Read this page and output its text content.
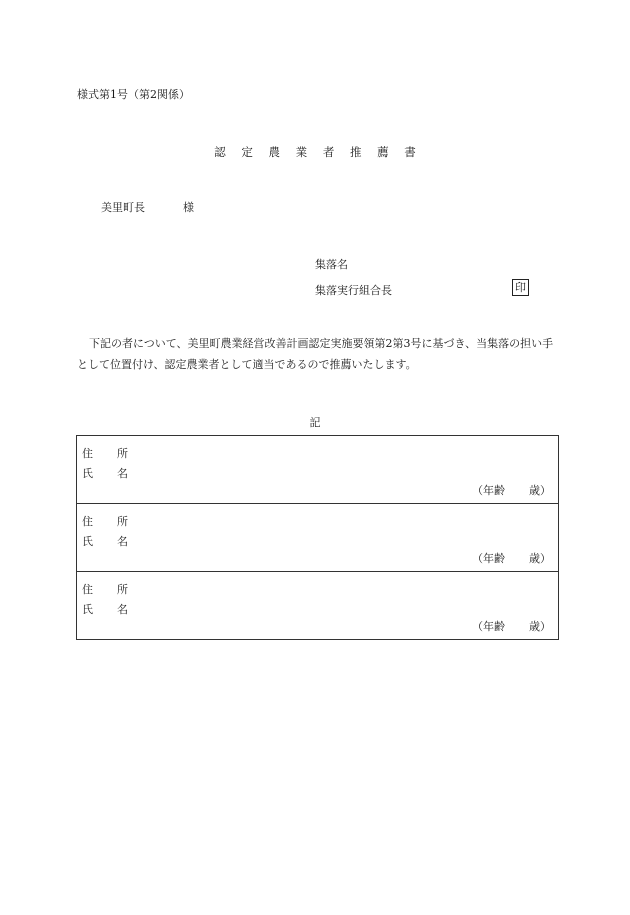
様式第1号（第2関係）
認 定 農 業 者 推 薦 書
美里町長	様
集落名
集落実行組合長	印
下記の者について、美里町農業経営改善計画認定実施要領第2第3号に基づき、当集落の担い手として位置付け、認定農業者として適当であるので推薦いたします。
記
住 所
氏 名
（年齢 歳）
住 所
氏 名
（年齢 歳）
住 所
氏 名
（年齢 歳）
